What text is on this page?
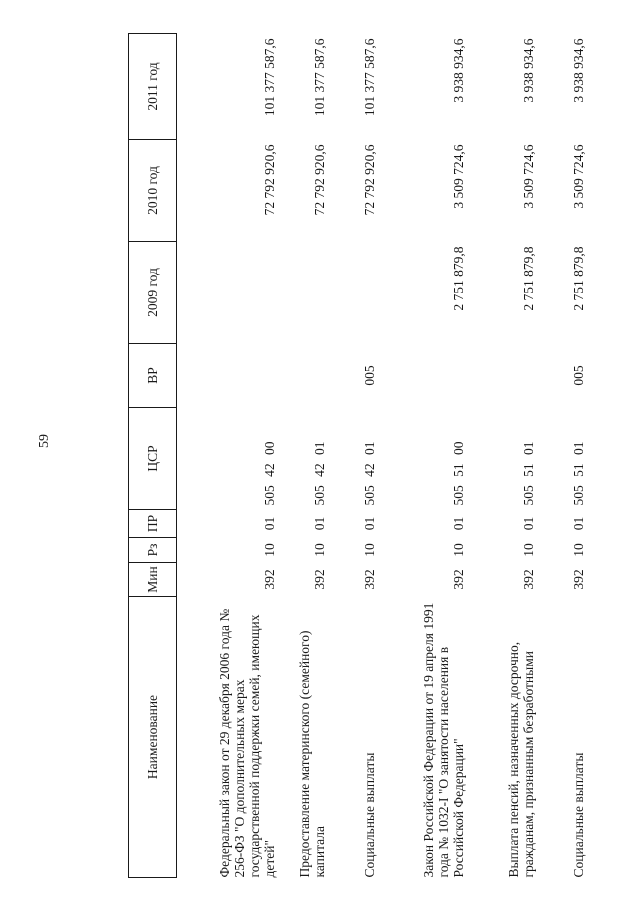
59
Наименование	Мин	Рз	ПР	ЦСР	ВР	2009 год	2010 год	2011 год

Федеральный закон от 29 декабря 2006 года № 256-ФЗ "О дополнительных мерах государственной поддержки семей, имеющих детей"	392	10	01	505 42 00			72 792 920,6	101 377 587,6
Предоставление материнского (семейного) капитала	392	10	01	505 42 01			72 792 920,6	101 377 587,6
Социальные выплаты	392	10	01	505 42 01	005		72 792 920,6	101 377 587,6
Закон Российской Федерации от 19 апреля 1991 года № 1032-I "О занятости населения в Российской Федерации"	392	10	01	505 51 00		2 751 879,8	3 509 724,6	3 938 934,6
Выплата пенсий, назначенных досрочно, гражданам, признанным безработными	392	10	01	505 51 01		2 751 879,8	3 509 724,6	3 938 934,6
Социальные выплаты	392	10	01	505 51 01	005	2 751 879,8	3 509 724,6	3 938 934,6
